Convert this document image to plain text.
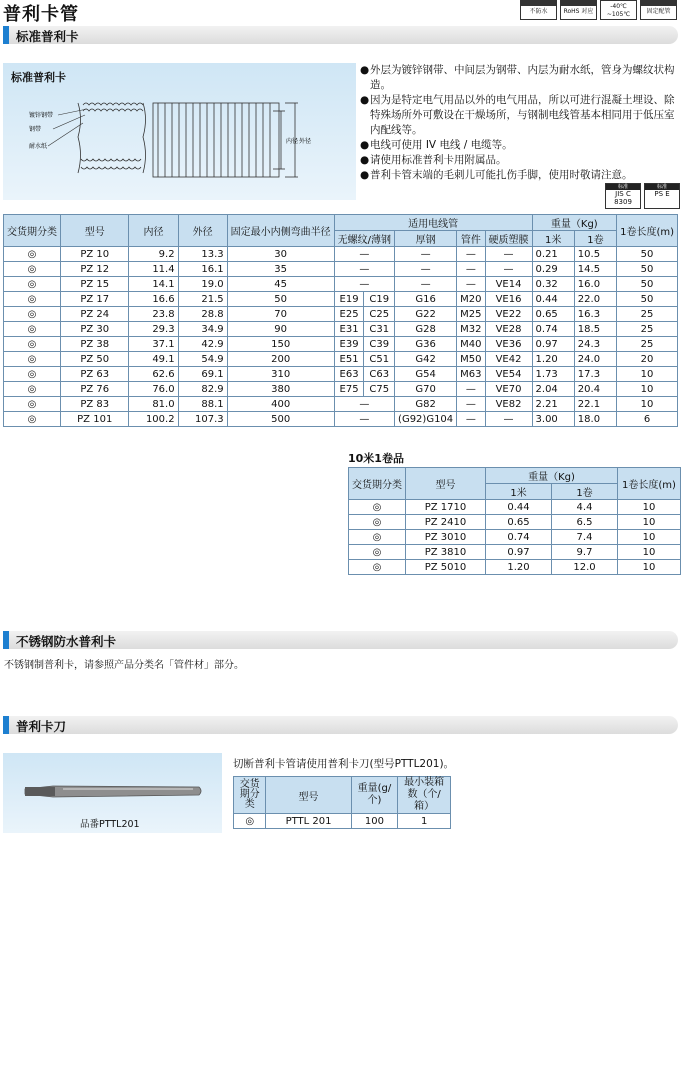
普利卡管	不防水	RoHS 对应
-40℃ ~105℃	固定配管
标准普利卡
标准普利卡
镀锌钢带
钢带
耐水纸
内径 外径
● 外层为镀锌钢带、中间层为钢带、内层为耐水纸，管身为螺纹状构造。
● 因为是特定电气用品以外的电气用品，所以可进行混凝土埋设、除特殊场所外可敷设在干燥场所，与钢制电线管基本相同用于低压室内配线等。
● 电线可使用 IV 电线 / 电缆等。
● 请使用标准普利卡用附属品。
● 普利卡管末端的毛刺儿可能扎伤手脚，使用时敬请注意。
标准
JIS C 8309
标准
PS E
交货期分类	型号	内径	外径	固定最小内侧弯曲半径	适用电线管					重量（Kg)		1卷长度(m)
					无螺纹/薄钢		厚钢	管件	硬质塑膜	1米	1卷	
◎	PZ 10	9.2	13.3	30	—		—	—	—	0.21	10.5	50
◎	PZ 12	11.4	16.1	35	—		—	—	—	0.29	14.5	50
◎	PZ 15	14.1	19.0	45	—		—	—	VE14	0.32	16.0	50
◎	PZ 17	16.6	21.5	50	E19	C19	G16	M20	VE16	0.44	22.0	50
◎	PZ 24	23.8	28.8	70	E25	C25	G22	M25	VE22	0.65	16.3	25
◎	PZ 30	29.3	34.9	90	E31	C31	G28	M32	VE28	0.74	18.5	25
◎	PZ 38	37.1	42.9	150	E39	C39	G36	M40	VE36	0.97	24.3	25
◎	PZ 50	49.1	54.9	200	E51	C51	G42	M50	VE42	1.20	24.0	20
◎	PZ 63	62.6	69.1	310	E63	C63	G54	M63	VE54	1.73	17.3	10
◎	PZ 76	76.0	82.9	380	E75	C75	G70	—	VE70	2.04	20.4	10
◎	PZ 83	81.0	88.1	400	—		G82	—	VE82	2.21	22.1	10
◎	PZ 101	100.2	107.3	500	—		(G92)G104	—	—	3.00	18.0	6
10米1卷品
交货期分类	型号	重量（Kg)		1卷长度(m)
		1米	1卷	
◎	PZ 1710	0.44	4.4	10
◎	PZ 2410	0.65	6.5	10
◎	PZ 3010	0.74	7.4	10
◎	PZ 3810	0.97	9.7	10
◎	PZ 5010	1.20	12.0	10
不锈钢防水普利卡
不锈钢制普利卡，请参照产品分类名「管件材」部分。
普利卡刀
品番PTTL201
切断普利卡管请使用普利卡刀(型号PTTL201)。
交货期分类	型号	重量(g/个)	最小装箱数（个/箱）
◎	PTTL 201	100	1
